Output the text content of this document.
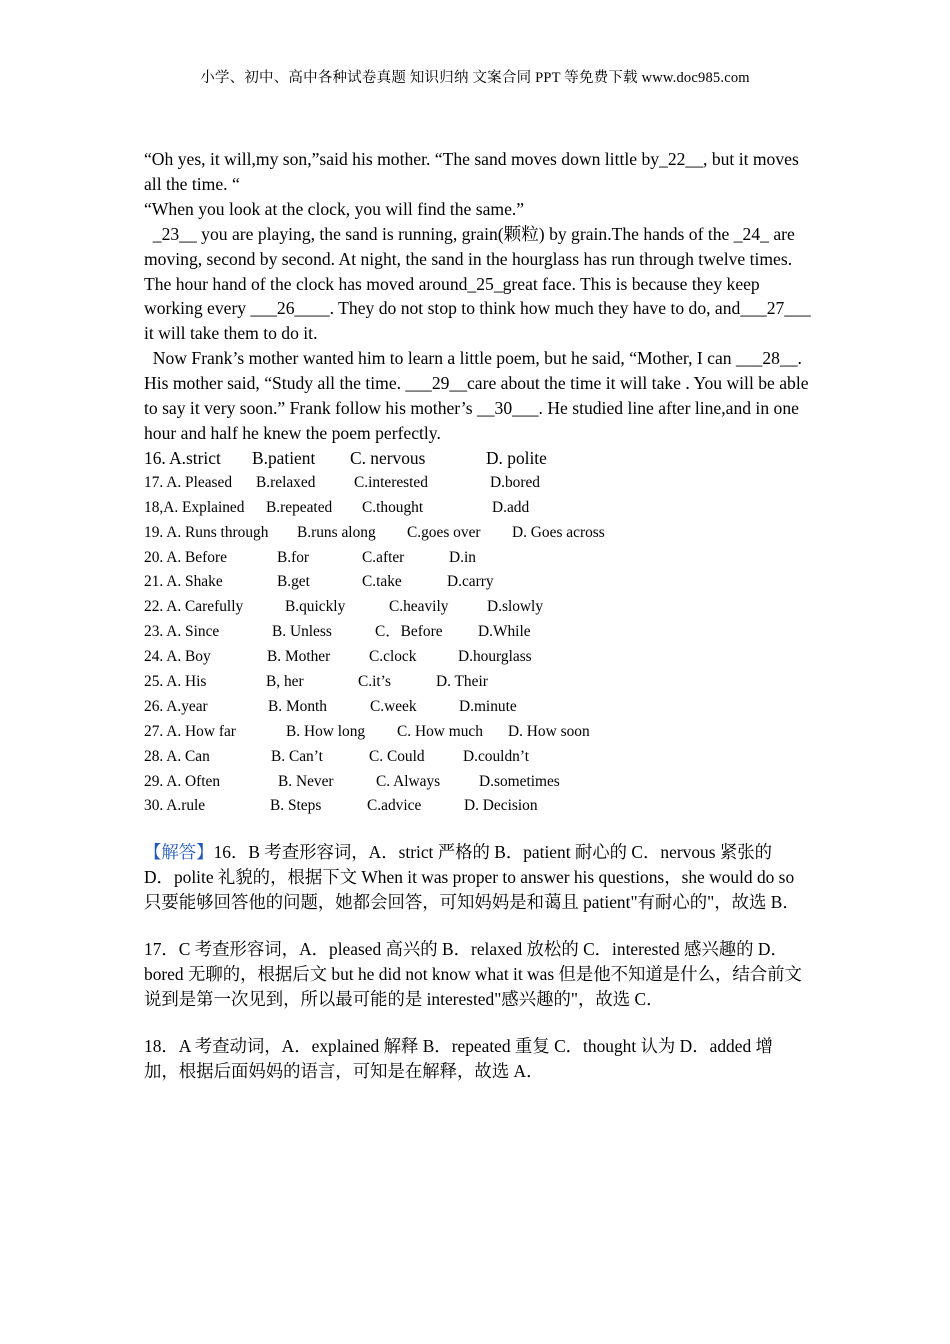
小学、初中、高中各种试卷真题 知识归纳 文案合同 PPT 等免费下载 www.doc985.com

“Oh yes, it will,my son,”said his mother. “The sand moves down little by_22__, but it moves all the time. “

“When you look at the clock, you will find the same.”

_23__ you are playing, the sand is running, grain(颗粒) by grain.The hands of the _24_ are moving, second by second. At night, the sand in the hourglass has run through twelve times. The hour hand of the clock has moved around_25_great face. This is because they keep working every ___26____. They do not stop to think how much they have to do, and___27___ it will take them to do it.

Now Frank’s mother wanted him to learn a little poem, but he said, “Mother, I can ___28__.  His mother said, “Study all the time. ___29__care about the time it will take . You will be able to say it very soon.” Frank follow his mother’s __30___. He studied line after line,and in one hour and half he knew the poem perfectly.

16. A.strict B.patient C. nervous	D. polite
17. A. Pleased B.relaxed	C.interested	D.bored
18,A. Explained B.repeated C.thought	D.add
19. A. Runs through B.runs along C.goes over D. Goes across
20. A. Before	B.for	C.after	D.in
21. A. Shake	B.get	C.take	D.carry
22. A. Carefully	B.quickly	C.heavily	D.slowly
23. A. Since	B. Unless	C．Before D.While
24. A. Boy	B. Mother	C.clock	D.hourglass
25. A. His	B, her	C.it’s	D. Their
26. A.year	B. Month	C.week	D.minute
27. A. How far	B. How long C. How much D. How soon
28. A. Can	B. Can’t	C. Could D.couldn’t
29. A. Often	B. Never	C. Always	D.sometimes
30. A.rule	B. Steps	C.advice	D. Decision

【解答】16．B 考查形容词，A．strict 严格的 B．patient 耐心的 C．nervous 紧张的 D．polite 礼貌的，根据下文 When it was proper to answer his questions，she would do so 只要能够回答他的问题，她都会回答，可知妈妈是和蔼且 patient"有耐心的"，故选 B．

17．C 考查形容词，A．pleased 高兴的 B．relaxed 放松的 C．interested 感兴趣的 D．bored 无聊的，根据后文 but he did not know what it was 但是他不知道是什么，结合前文说到是第一次见到，所以最可能的是 interested"感兴趣的"，故选 C．

18．A 考查动词，A．explained 解释 B．repeated 重复 C．thought 认为 D．added 增加，根据后面妈妈的语言，可知是在解释，故选 A．
